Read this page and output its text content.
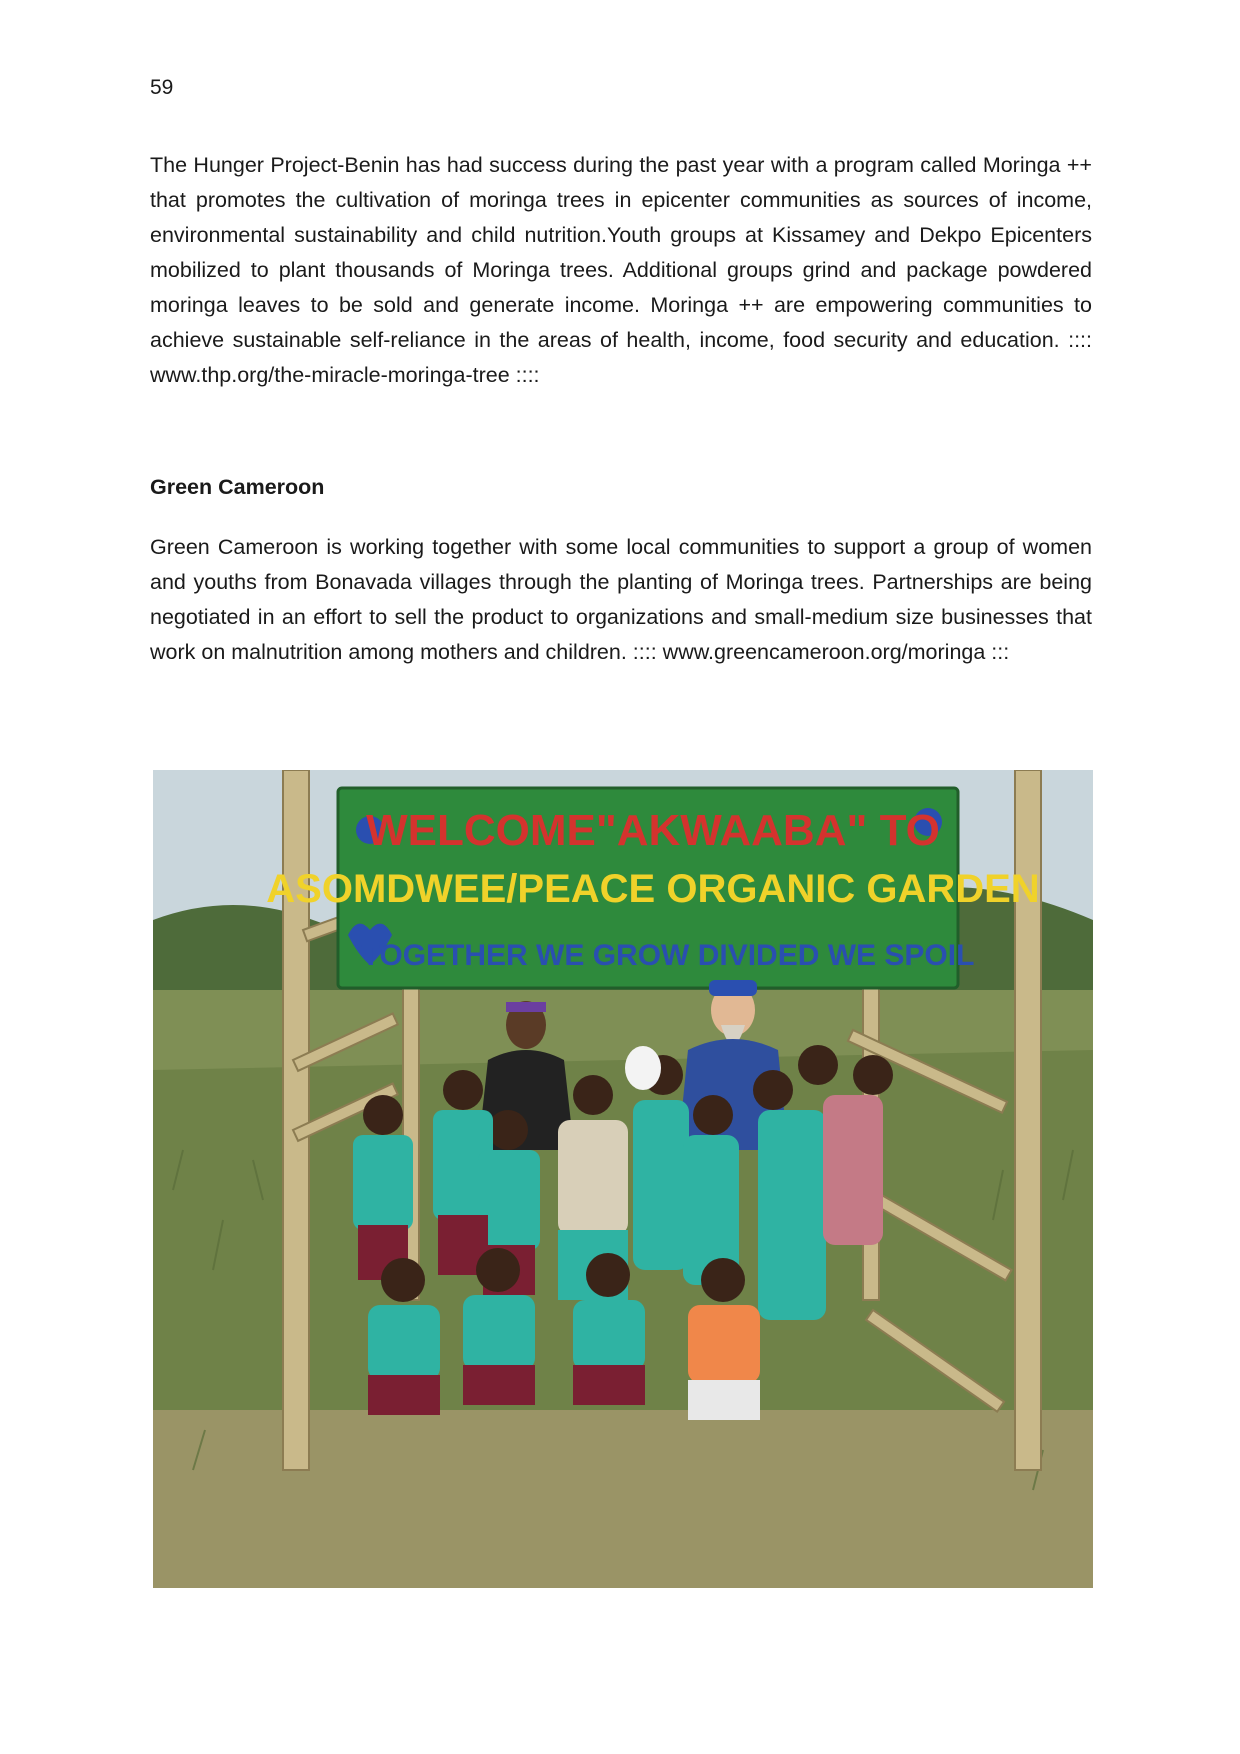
59

The Hunger Project-Benin has had success during the past year with a program called Moringa ++ that promotes the cultivation of moringa trees in epicenter communities as sources of income, environmental sustainability and child nutrition.Youth groups at Kissamey and Dekpo Epicenters mobilized to plant thousands of Moringa trees. Additional groups grind and package powdered moringa leaves to be sold and generate income. Moringa ++ are empowering communities to achieve sustainable self-reliance in the areas of health, income, food security and education. :::: www.thp.org/the-miracle-moringa-tree ::::

Green Cameroon

Green Cameroon is working together with some local communities to support a group of women and youths from Bonavada villages through the planting of Moringa trees. Partnerships are being negotiated in an effort to sell the product to organizations and small-medium size businesses that work on malnutrition among mothers and children. :::: www.greencameroon.org/moringa :::

WELCOME"AKWAABA" TO
ASOMDWEE/PEACE ORGANIC GARDEN
TOGETHER WE GROW DIVIDED WE SPOIL
